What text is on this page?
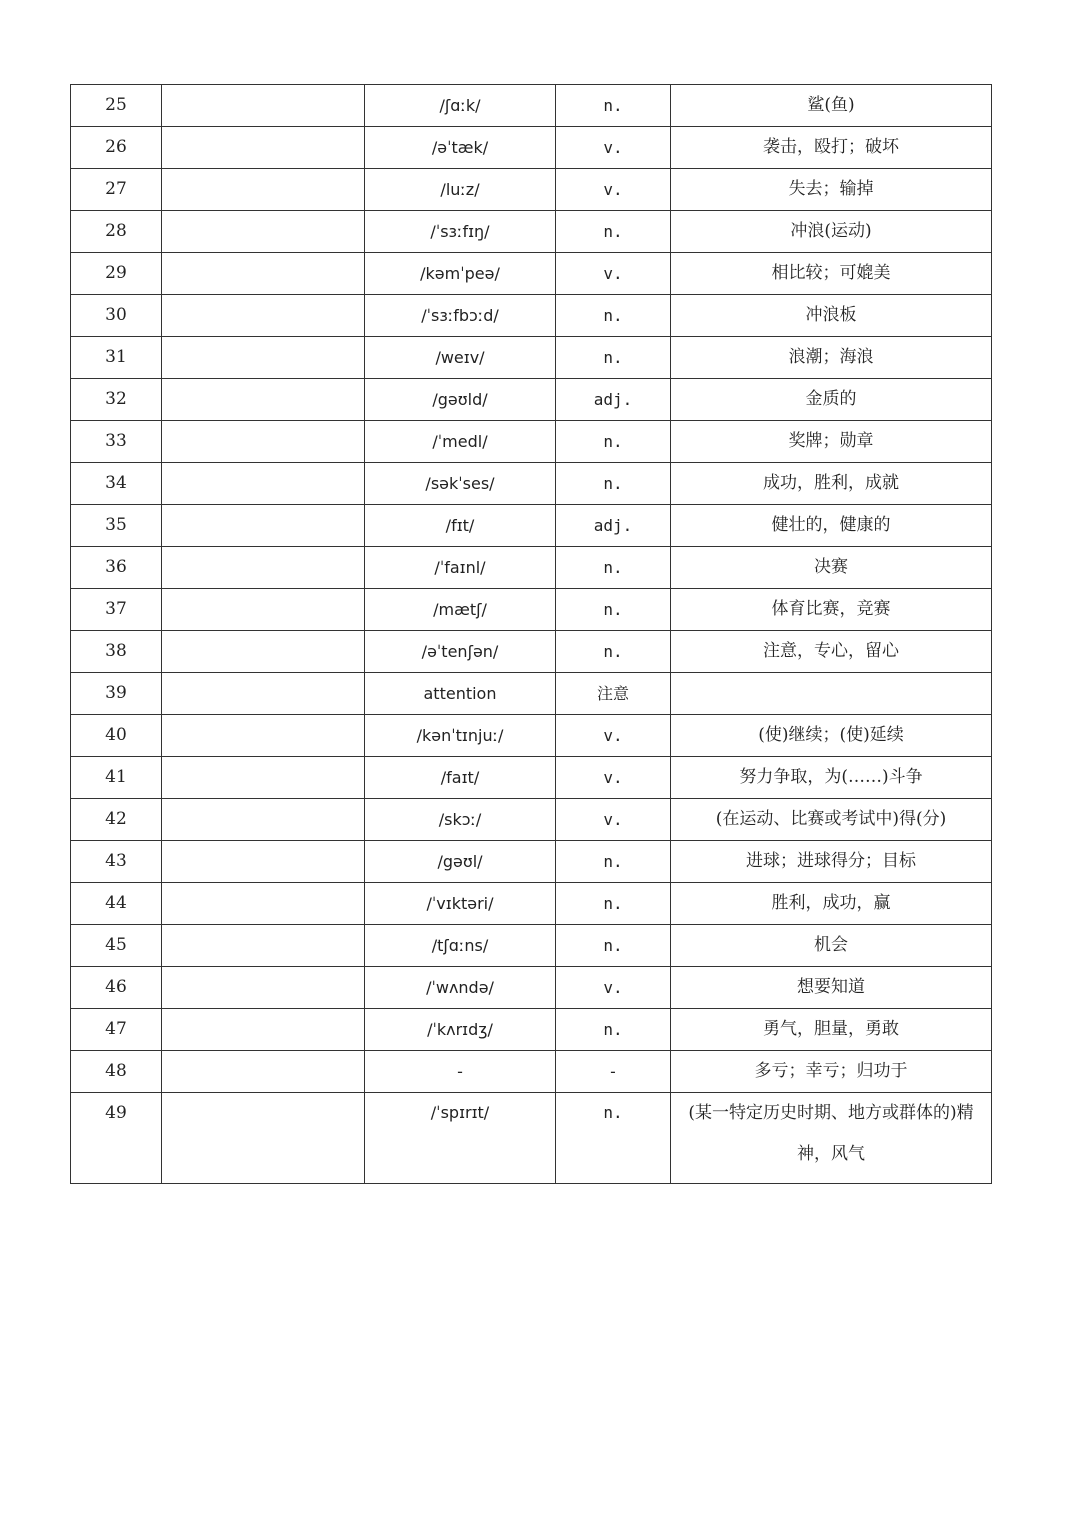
25		/ʃɑːk/	n.	鲨(鱼)
26		/əˈtæk/	v.	袭击，殴打；破坏
27		/luːz/	v.	失去；输掉
28		/ˈsɜːfɪŋ/	n.	冲浪(运动)
29		/kəmˈpeə/	v.	相比较；可媲美
30		/ˈsɜːfbɔːd/	n.	冲浪板
31		/weɪv/	n.	浪潮；海浪
32		/gəʊld/	adj.	金质的
33		/ˈmedl/	n.	奖牌；勋章
34		/səkˈses/	n.	成功，胜利，成就
35		/fɪt/	adj.	健壮的，健康的
36		/ˈfaɪnl/	n.	决赛
37		/mætʃ/	n.	体育比赛，竞赛
38		/əˈtenʃən/	n.	注意，专心，留心
39		attention	注意	
40		/kənˈtɪnjuː/	v.	(使)继续；(使)延续
41		/faɪt/	v.	努力争取，为(……)斗争
42		/skɔː/	v.	(在运动、比赛或考试中)得(分)
43		/gəʊl/	n.	进球；进球得分；目标
44		/ˈvɪktəri/	n.	胜利，成功，赢
45		/tʃɑːns/	n.	机会
46		/ˈwʌndə/	v.	想要知道
47		/ˈkʌrɪdʒ/	n.	勇气，胆量，勇敢
48		-	-	多亏；幸亏；归功于
49		/ˈspɪrɪt/	n.	(某一特定历史时期、地方或群体的)精神，风气
